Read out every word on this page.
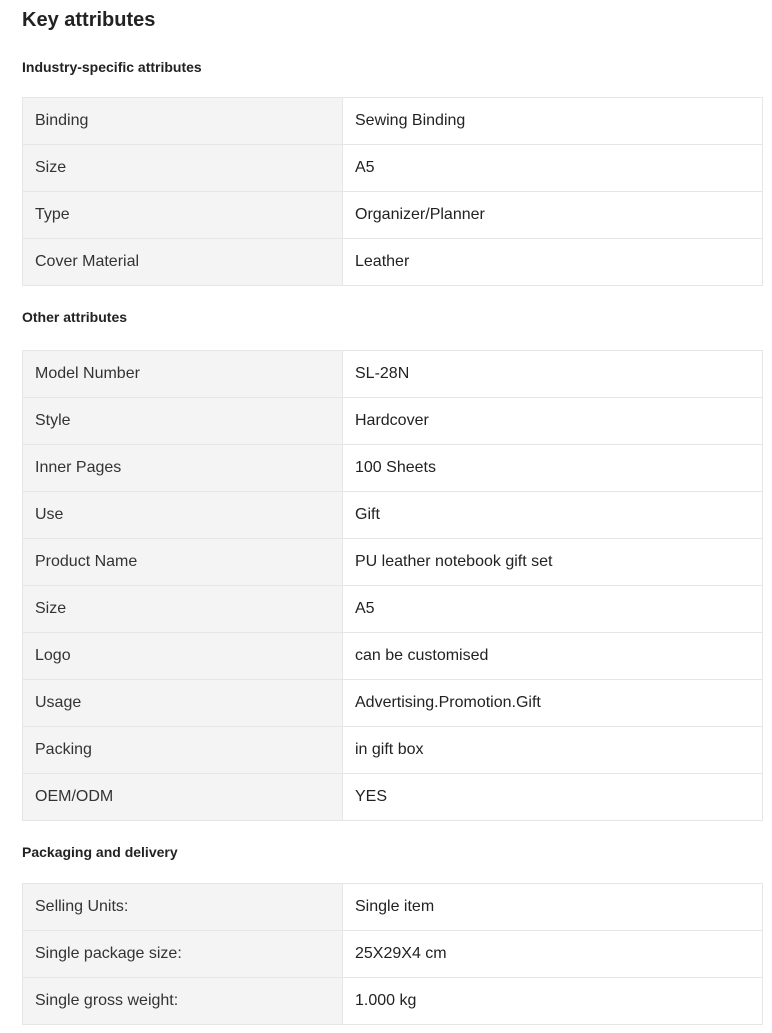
Key attributes
Industry-specific attributes
Binding	Sewing Binding
Size	A5
Type	Organizer/Planner
Cover Material	Leather
Other attributes
Model Number	SL-28N
Style	Hardcover
Inner Pages	100 Sheets
Use	Gift
Product Name	PU leather notebook gift set
Size	A5
Logo	can be customised
Usage	Advertising.Promotion.Gift
Packing	in gift box
OEM/ODM	YES
Packaging and delivery
Selling Units:	Single item
Single package size:	25X29X4 cm
Single gross weight:	1.000 kg
